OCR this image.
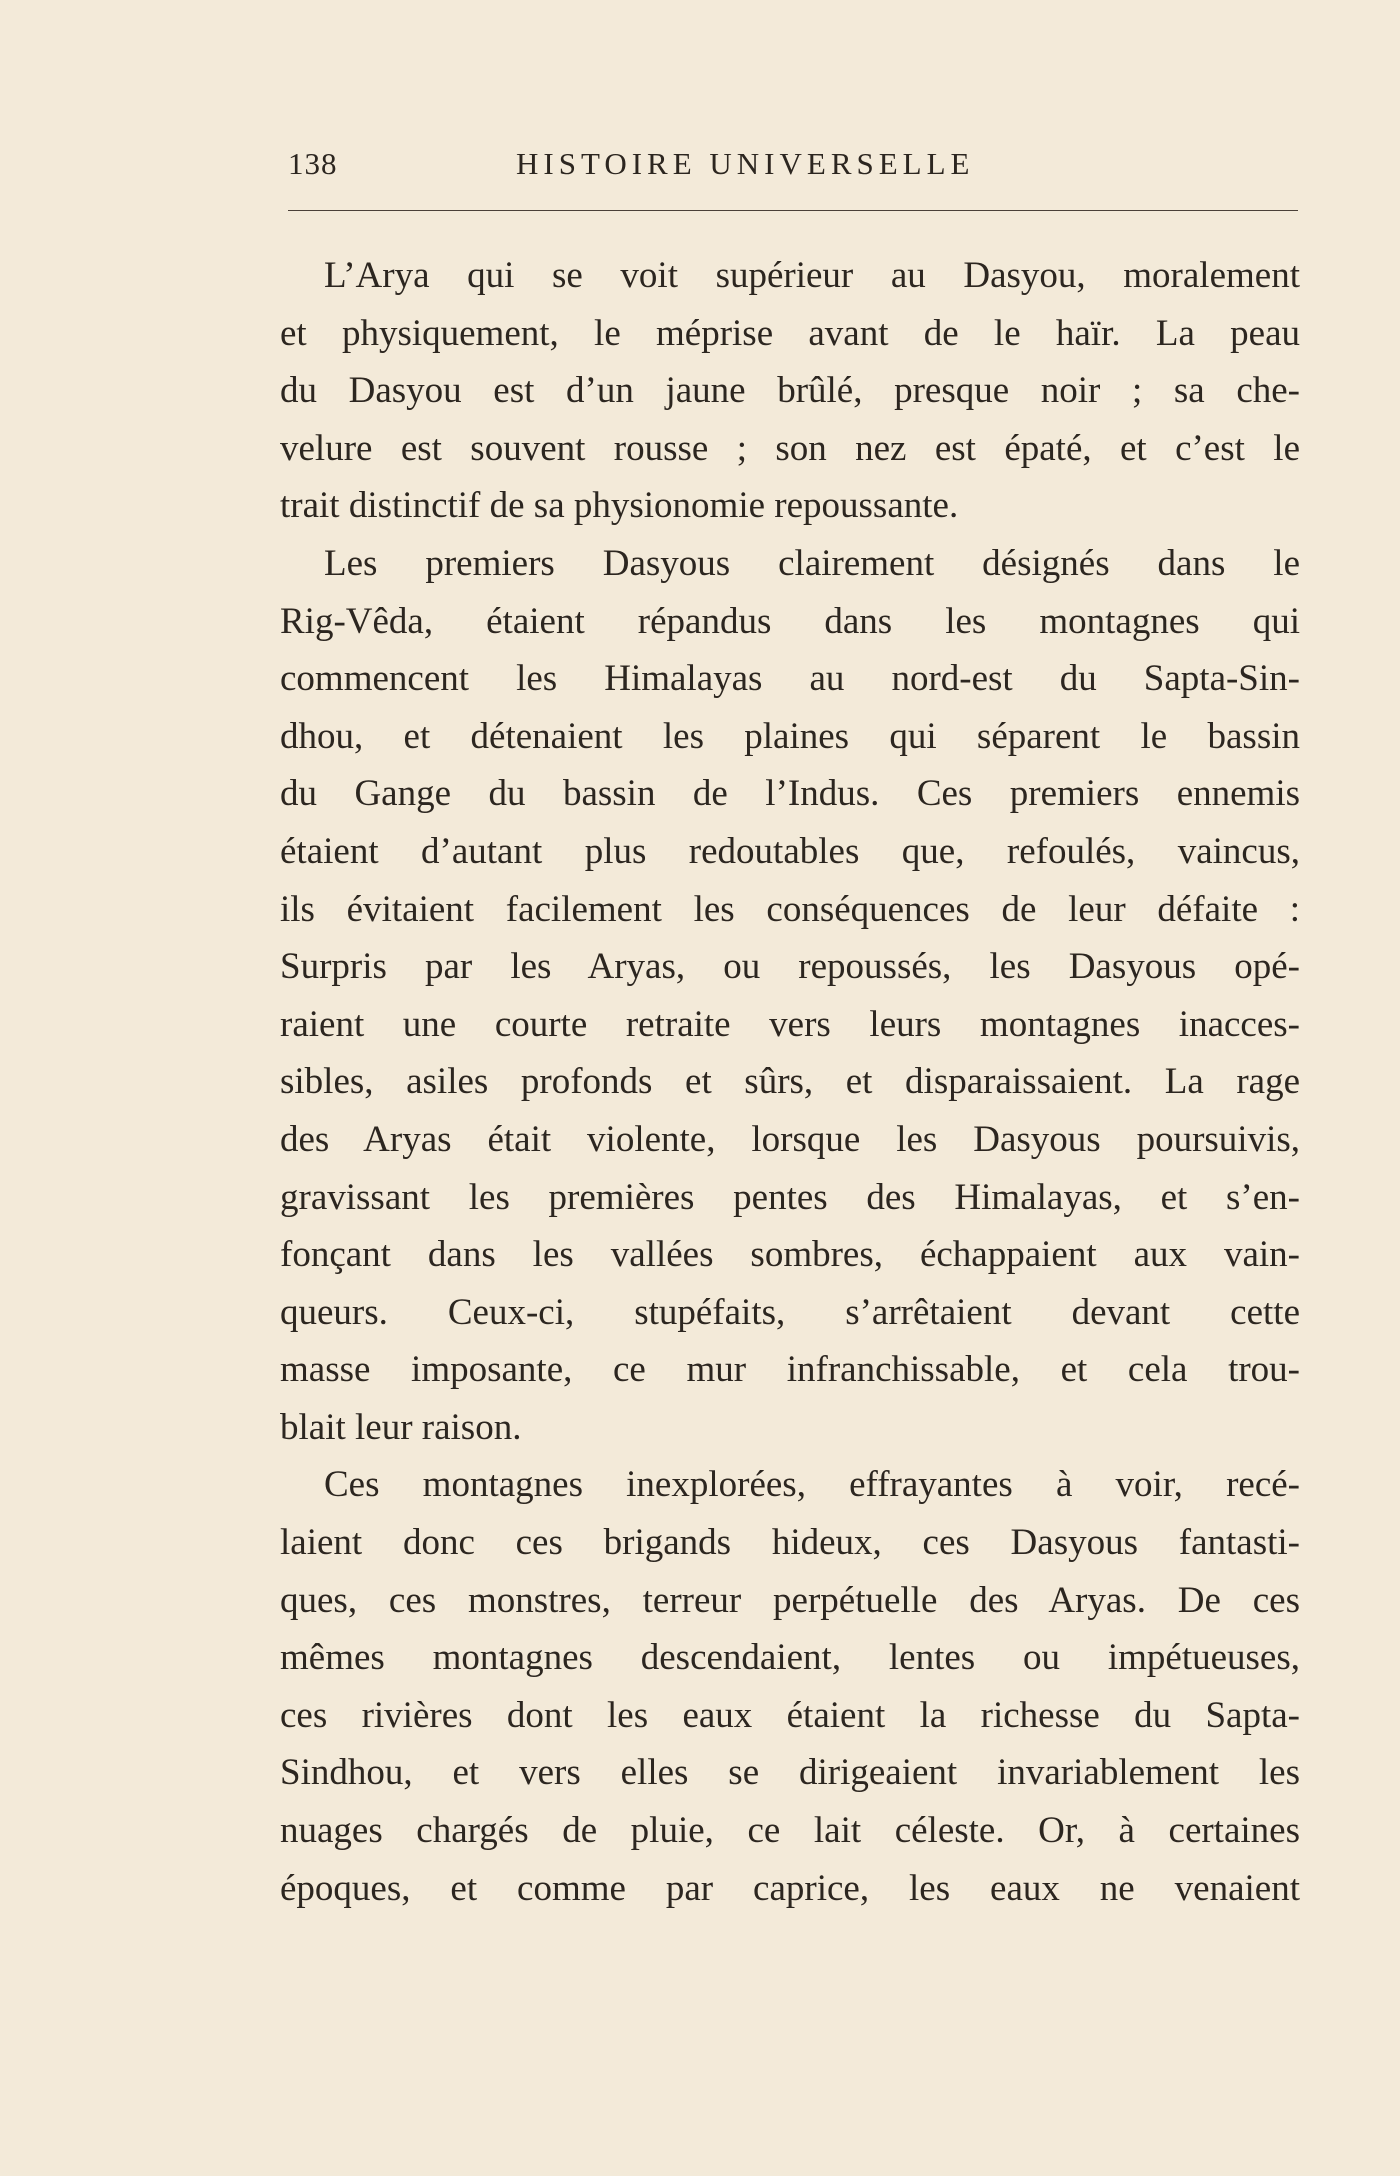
138	HISTOIRE UNIVERSELLE
L’Arya qui se voit supérieur au Dasyou, moralement
et physiquement, le méprise avant de le haïr. La peau
du Dasyou est d’un jaune brûlé, presque noir ; sa che-
velure est souvent rousse ; son nez est épaté, et c’est le
trait distinctif de sa physionomie repoussante.
Les premiers Dasyous clairement désignés dans le
Rig-Vêda, étaient répandus dans les montagnes qui
commencent les Himalayas au nord-est du Sapta-Sin-
dhou, et détenaient les plaines qui séparent le bassin
du Gange du bassin de l’Indus. Ces premiers ennemis
étaient d’autant plus redoutables que, refoulés, vaincus,
ils évitaient facilement les conséquences de leur défaite :
Surpris par les Aryas, ou repoussés, les Dasyous opé-
raient une courte retraite vers leurs montagnes inacces-
sibles, asiles profonds et sûrs, et disparaissaient. La rage
des Aryas était violente, lorsque les Dasyous poursuivis,
gravissant les premières pentes des Himalayas, et s’en-
fonçant dans les vallées sombres, échappaient aux vain-
queurs. Ceux-ci, stupéfaits, s’arrêtaient devant cette
masse imposante, ce mur infranchissable, et cela trou-
blait leur raison.
Ces montagnes inexplorées, effrayantes à voir, recé-
laient donc ces brigands hideux, ces Dasyous fantasti-
ques, ces monstres, terreur perpétuelle des Aryas. De ces
mêmes montagnes descendaient, lentes ou impétueuses,
ces rivières dont les eaux étaient la richesse du Sapta-
Sindhou, et vers elles se dirigeaient invariablement les
nuages chargés de pluie, ce lait céleste. Or, à certaines
époques, et comme par caprice, les eaux ne venaient
